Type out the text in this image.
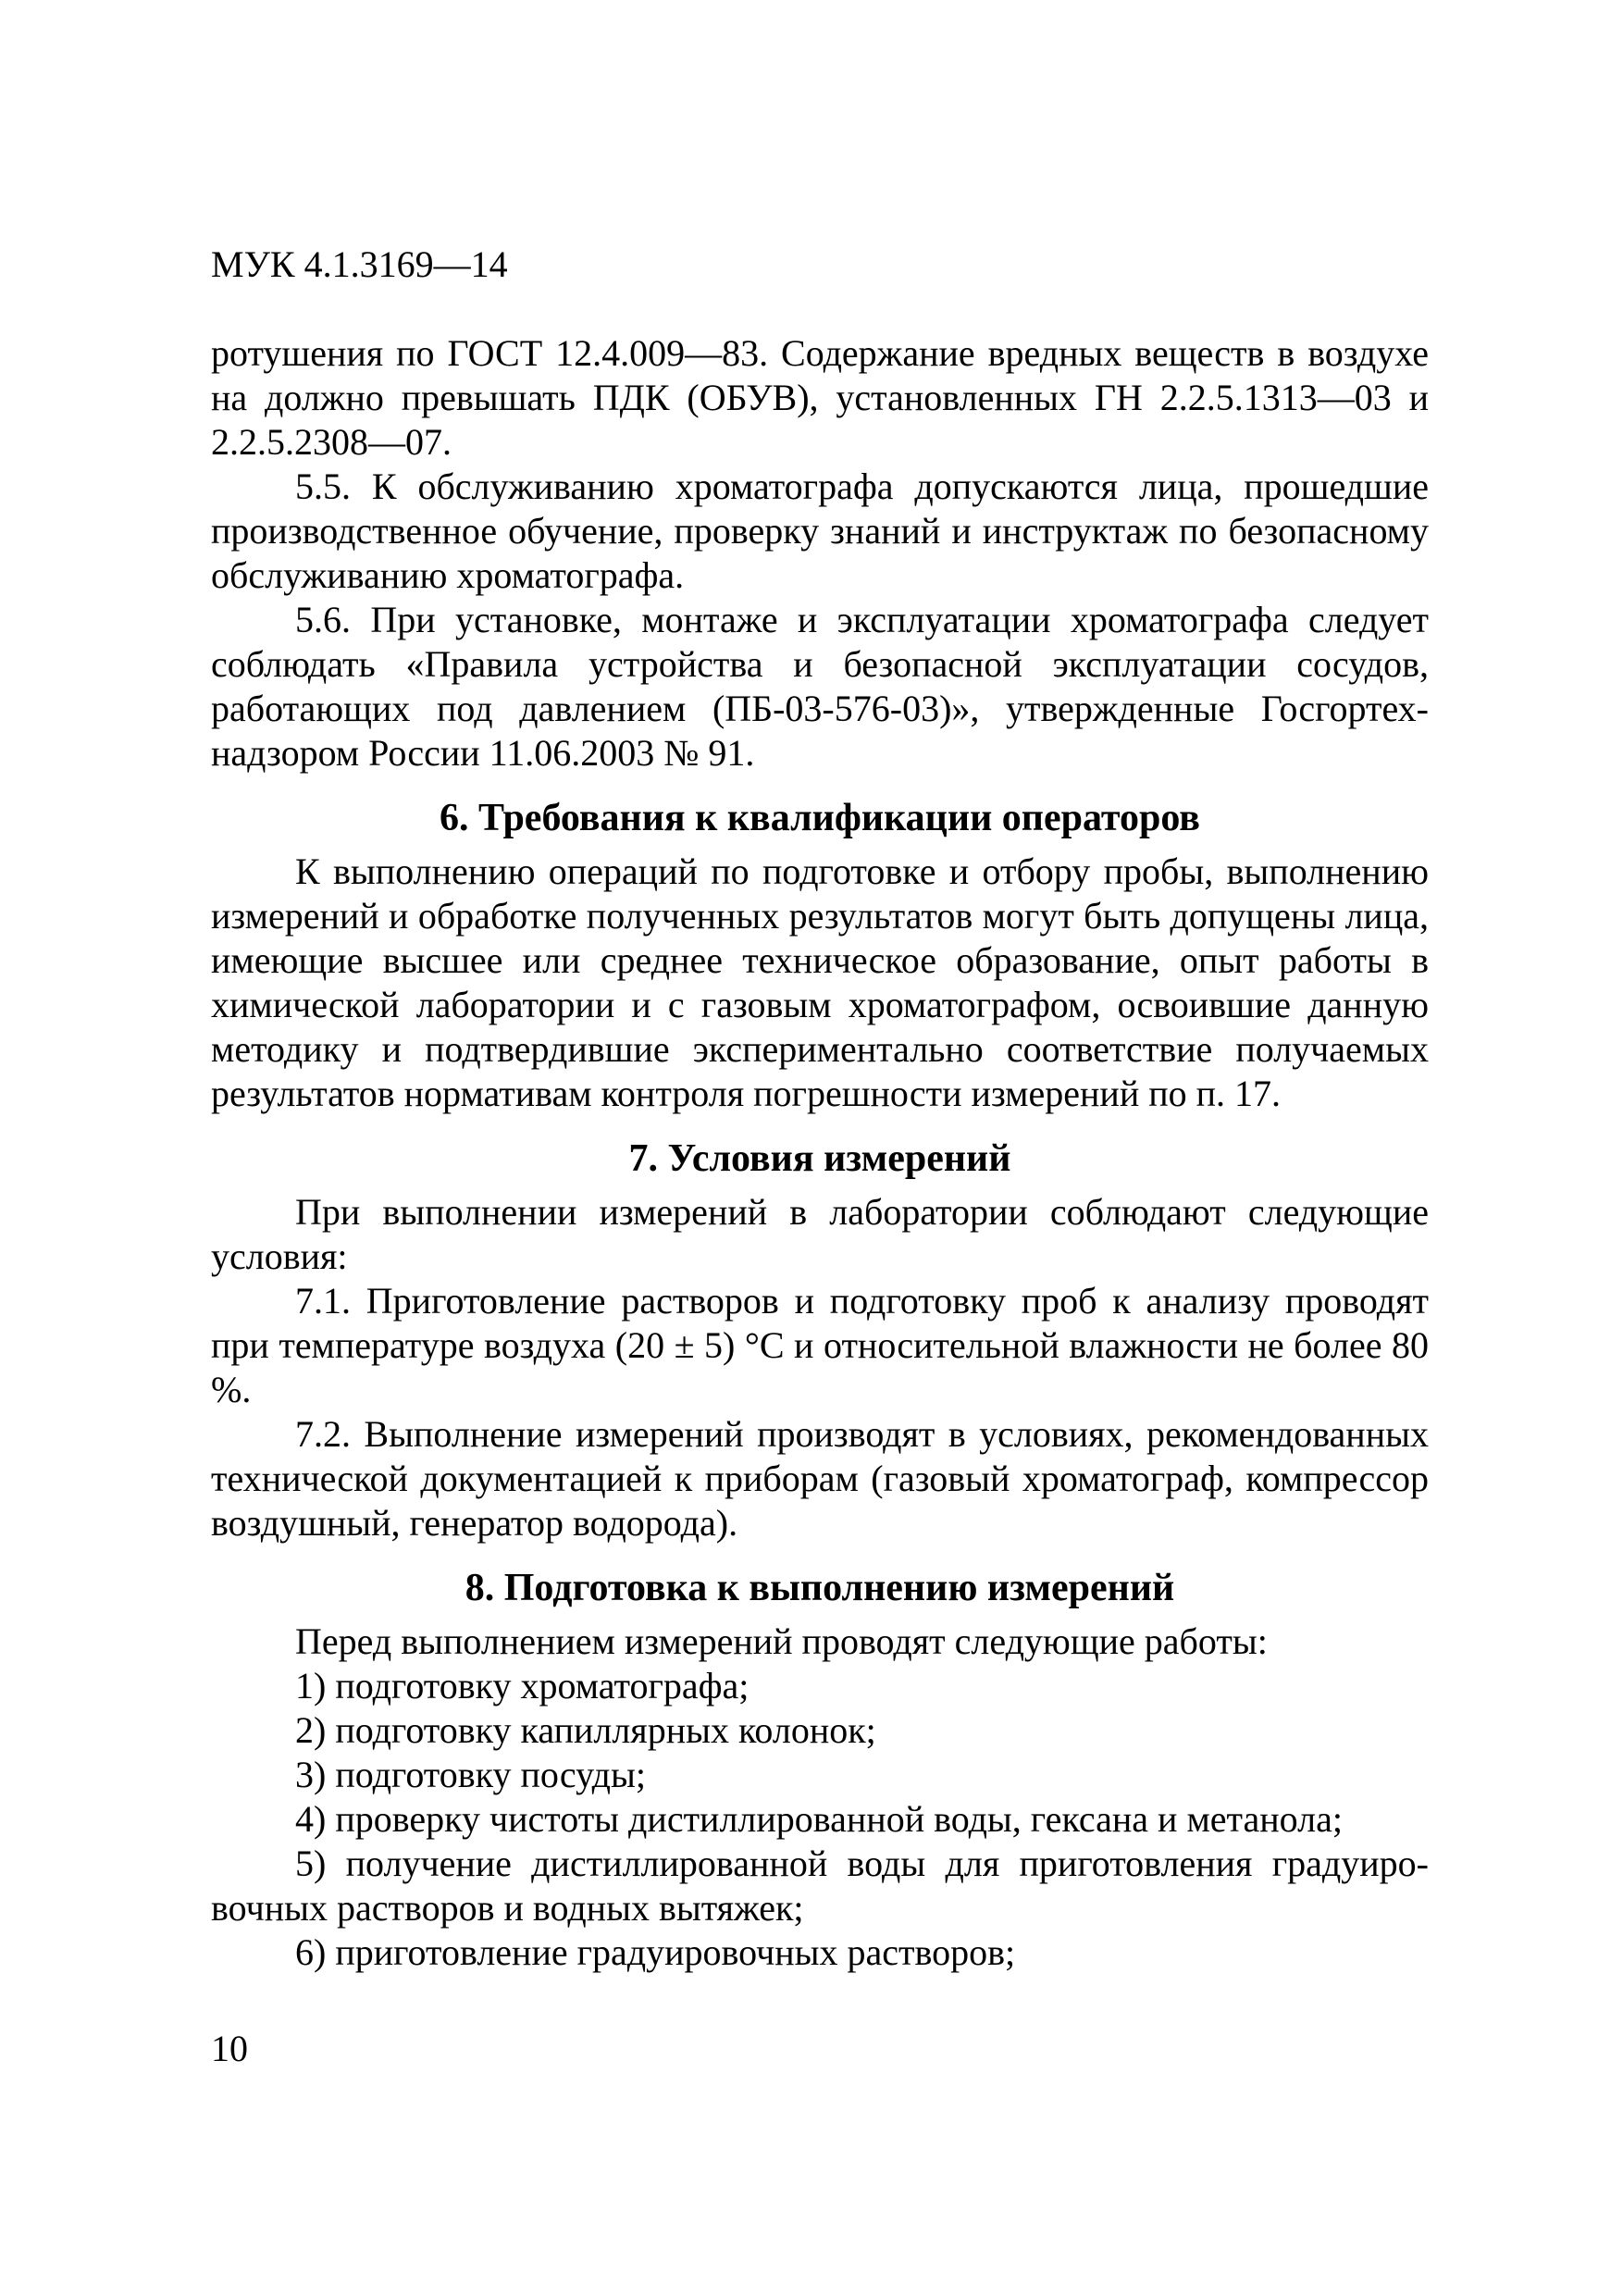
МУК 4.1.3169—14

ротушения по ГОСТ 12.4.009—83. Содержание вредных веществ в воздухе на должно превышать ПДК (ОБУВ), установленных ГН 2.2.5.1313—03 и 2.2.5.2308—07.

5.5. К обслуживанию хроматографа допускаются лица, прошедшие производственное обучение, проверку знаний и инструктаж по безопасному обслуживанию хроматографа.

5.6. При установке, монтаже и эксплуатации хроматографа следует соблюдать «Правила устройства и безопасной эксплуатации сосудов, работающих под давлением (ПБ-03-576-03)», утвержденные Госгортехнадзором России 11.06.2003 № 91.

6. Требования к квалификации операторов

К выполнению операций по подготовке и отбору пробы, выполнению измерений и обработке полученных результатов могут быть допущены лица, имеющие высшее или среднее техническое образование, опыт работы в химической лаборатории и с газовым хроматографом, освоившие данную методику и подтвердившие экспериментально соответствие получаемых результатов нормативам контроля погрешности измерений по п. 17.

7. Условия измерений

При выполнении измерений в лаборатории соблюдают следующие условия:

7.1. Приготовление растворов и подготовку проб к анализу проводят при температуре воздуха (20 ± 5) °С и относительной влажности не более 80 %.

7.2. Выполнение измерений производят в условиях, рекомендованных технической документацией к приборам (газовый хроматограф, компрессор воздушный, генератор водорода).

8. Подготовка к выполнению измерений

Перед выполнением измерений проводят следующие работы:

1) подготовку хроматографа;

2) подготовку капиллярных колонок;

3) подготовку посуды;

4) проверку чистоты дистиллированной воды, гексана и метанола;

5) получение дистиллированной воды для приготовления градуировочных растворов и водных вытяжек;

6) приготовление градуировочных растворов;

10
